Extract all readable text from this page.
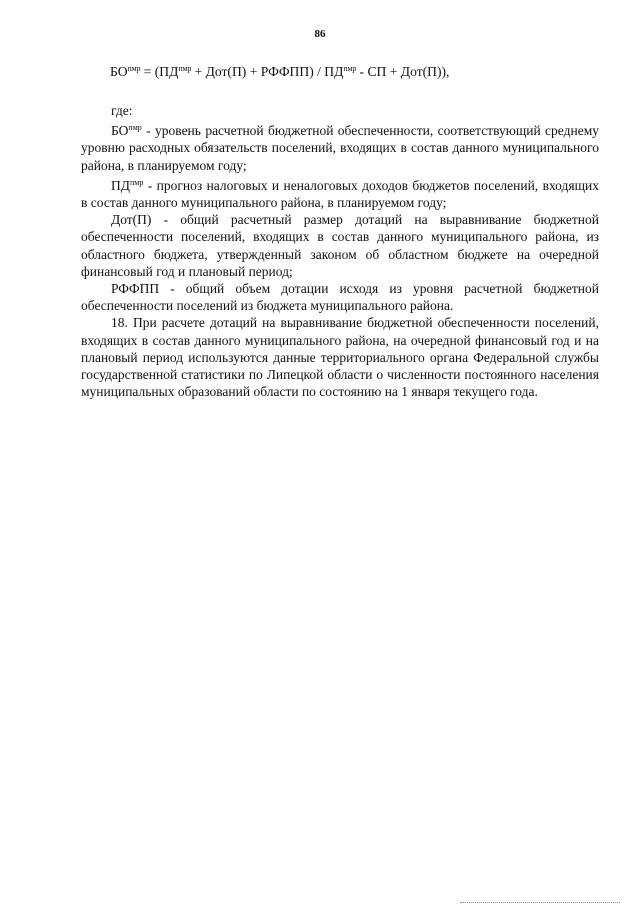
86
$БО^{пмр} = (ПД^{пмр} + Дот(П)$ + РФФПП) / $ПД^{пмр}$ - СП + Дот(П)),

где:

$БО^{пмр}$ - уровень расчетной бюджетной обеспеченности, соответствующий среднему уровню расходных обязательств поселений, входящих в состав данного муниципального района, в планируемом году;

$ПД^{пмр}$ - прогноз налоговых и неналоговых доходов бюджетов поселений, входящих в состав данного муниципального района, в планируемом году;

Дот(П) - общий расчетный размер дотаций на выравнивание бюджетной обеспеченности поселений, входящих в состав данного муниципального района, из областного бюджета, утвержденный законом об областном бюджете на очередной финансовый год и плановый период;

РФФПП - общий объем дотации исходя из уровня расчетной бюджетной обеспеченности поселений из бюджета муниципального района.

18. При расчете дотаций на выравнивание бюджетной обеспеченности поселений, входящих в состав данного муниципального района, на очередной финансовый год и на плановый период используются данные территориального органа Федеральной службы государственной статистики по Липецкой области о численности постоянного населения муниципальных образований области по состоянию на 1 января текущего года.
